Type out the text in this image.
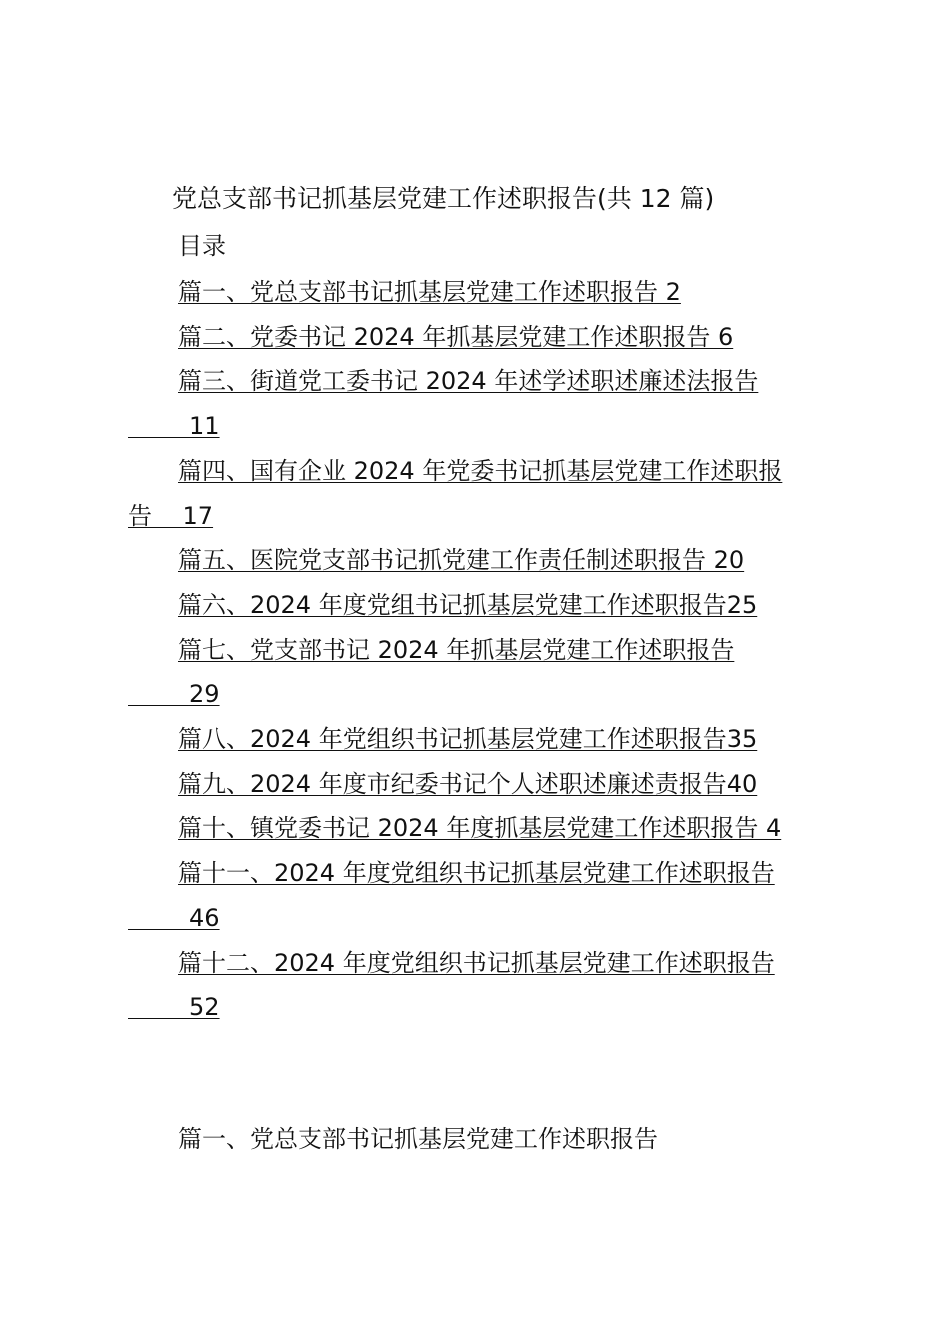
党总支部书记抓基层党建工作述职报告(共 12 篇)
目录
篇一、党总支部书记抓基层党建工作述职报告 2
篇二、党委书记 2024 年抓基层党建工作述职报告 6
篇三、街道党工委书记 2024 年述学述职述廉述法报告
11
篇四、国有企业 2024 年党委书记抓基层党建工作述职报
告    17
篇五、医院党支部书记抓党建工作责任制述职报告 20
篇六、2024 年度党组书记抓基层党建工作述职报告25
篇七、党支部书记 2024 年抓基层党建工作述职报告
29
篇八、2024 年党组织书记抓基层党建工作述职报告35
篇九、2024 年度市纪委书记个人述职述廉述责报告40
篇十、镇党委书记 2024 年度抓基层党建工作述职报告 4
篇十一、2024 年度党组织书记抓基层党建工作述职报告
46
篇十二、2024 年度党组织书记抓基层党建工作述职报告
52
篇一、党总支部书记抓基层党建工作述职报告
